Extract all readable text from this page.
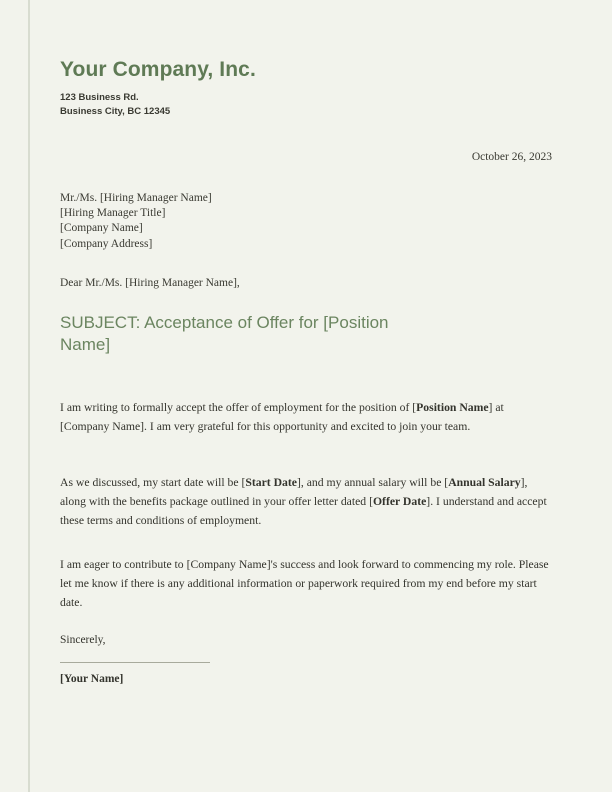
Your Company, Inc.
123 Business Rd.
Business City, BC 12345
October 26, 2023
Mr./Ms. [Hiring Manager Name]
[Hiring Manager Title]
[Company Name]
[Company Address]
Dear Mr./Ms. [Hiring Manager Name],
SUBJECT: Acceptance of Offer for [Position Name]

I am writing to formally accept the offer of employment for the position of [Position Name] at [Company Name]. I am very grateful for this opportunity and excited to join your team.

As we discussed, my start date will be [Start Date], and my annual salary will be [Annual Salary], along with the benefits package outlined in your offer letter dated [Offer Date]. I understand and accept these terms and conditions of employment.

I am eager to contribute to [Company Name]'s success and look forward to commencing my role. Please let me know if there is any additional information or paperwork required from my end before my start date.

Sincerely,
[Your Name]
